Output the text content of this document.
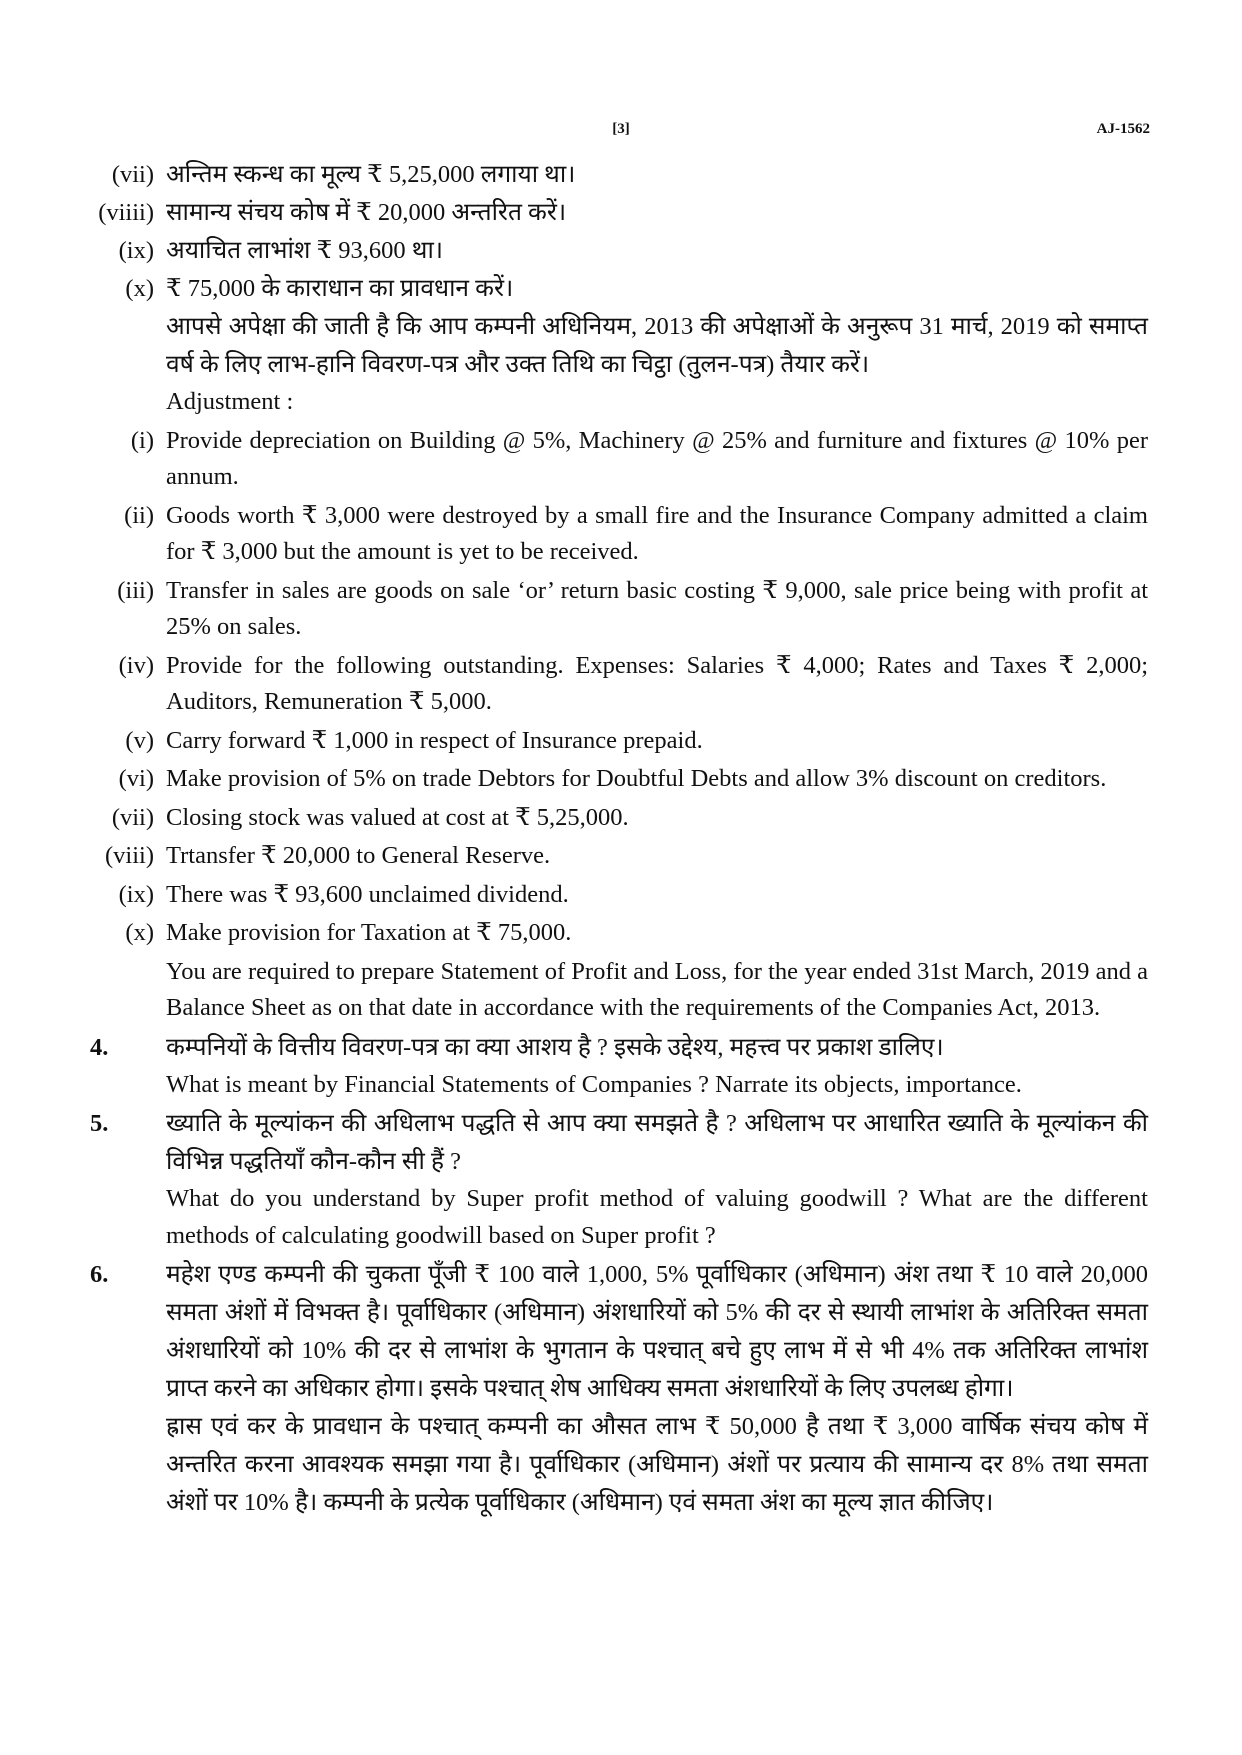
[3]	AJ-1562
(vii) अन्तिम स्कन्ध का मूल्य ₹ 5,25,000 लगाया था।
(viiii) सामान्य संचय कोष में ₹ 20,000 अन्तरित करें।
(ix) अयाचित लाभांश ₹ 93,600 था।
(x) ₹ 75,000 के काराधान का प्रावधान करें।
आपसे अपेक्षा की जाती है कि आप कम्पनी अधिनियम, 2013 की अपेक्षाओं के अनुरूप 31 मार्च, 2019 को समाप्त वर्ष के लिए लाभ-हानि विवरण-पत्र और उक्त तिथि का चिट्ठा (तुलन-पत्र) तैयार करें।
Adjustment :
(i) Provide depreciation on Building @ 5%, Machinery @ 25% and furniture and fixtures @ 10% per annum.
(ii) Goods worth ₹ 3,000 were destroyed by a small fire and the Insurance Company admitted a claim for ₹ 3,000 but the amount is yet to be received.
(iii) Transfer in sales are goods on sale ‘or’ return basic costing ₹ 9,000, sale price being with profit at 25% on sales.
(iv) Provide for the following outstanding. Expenses: Salaries ₹ 4,000; Rates and Taxes ₹ 2,000; Auditors, Remuneration ₹ 5,000.
(v) Carry forward ₹ 1,000 in respect of Insurance prepaid.
(vi) Make provision of 5% on trade Debtors for Doubtful Debts and allow 3% discount on creditors.
(vii) Closing stock was valued at cost at ₹ 5,25,000.
(viii) Trtansfer ₹ 20,000 to General Reserve.
(ix) There was ₹ 93,600 unclaimed dividend.
(x) Make provision for Taxation at ₹ 75,000.
You are required to prepare Statement of Profit and Loss, for the year ended 31st March, 2019 and a Balance Sheet as on that date in accordance with the requirements of the Companies Act, 2013.
4.	कम्पनियों के वित्तीय विवरण-पत्र का क्या आशय है ? इसके उद्देश्य, महत्त्व पर प्रकाश डालिए।
What is meant by Financial Statements of Companies ? Narrate its objects, importance.
5.	ख्याति के मूल्यांकन की अधिलाभ पद्धति से आप क्या समझते है ? अधिलाभ पर आधारित ख्याति के मूल्यांकन की विभिन्न पद्धतियाँ कौन-कौन सी हैं ?
What do you understand by Super profit method of valuing goodwill ? What are the different methods of calculating goodwill based on Super profit ?
6.	महेश एण्ड कम्पनी की चुकता पूँजी ₹ 100 वाले 1,000, 5% पूर्वाधिकार (अधिमान) अंश तथा ₹ 10 वाले 20,000 समता अंशों में विभक्त है। पूर्वाधिकार (अधिमान) अंशधारियों को 5% की दर से स्थायी लाभांश के अतिरिक्त समता अंशधारियों को 10% की दर से लाभांश के भुगतान के पश्चात् बचे हुए लाभ में से भी 4% तक अतिरिक्त लाभांश प्राप्त करने का अधिकार होगा। इसके पश्चात् शेष आधिक्य समता अंशधारियों के लिए उपलब्ध होगा।
ह्रास एवं कर के प्रावधान के पश्चात् कम्पनी का औसत लाभ ₹ 50,000 है तथा ₹ 3,000 वार्षिक संचय कोष में अन्तरित करना आवश्यक समझा गया है। पूर्वाधिकार (अधिमान) अंशों पर प्रत्याय की सामान्य दर 8% तथा समता अंशों पर 10% है। कम्पनी के प्रत्येक पूर्वाधिकार (अधिमान) एवं समता अंश का मूल्य ज्ञात कीजिए।
